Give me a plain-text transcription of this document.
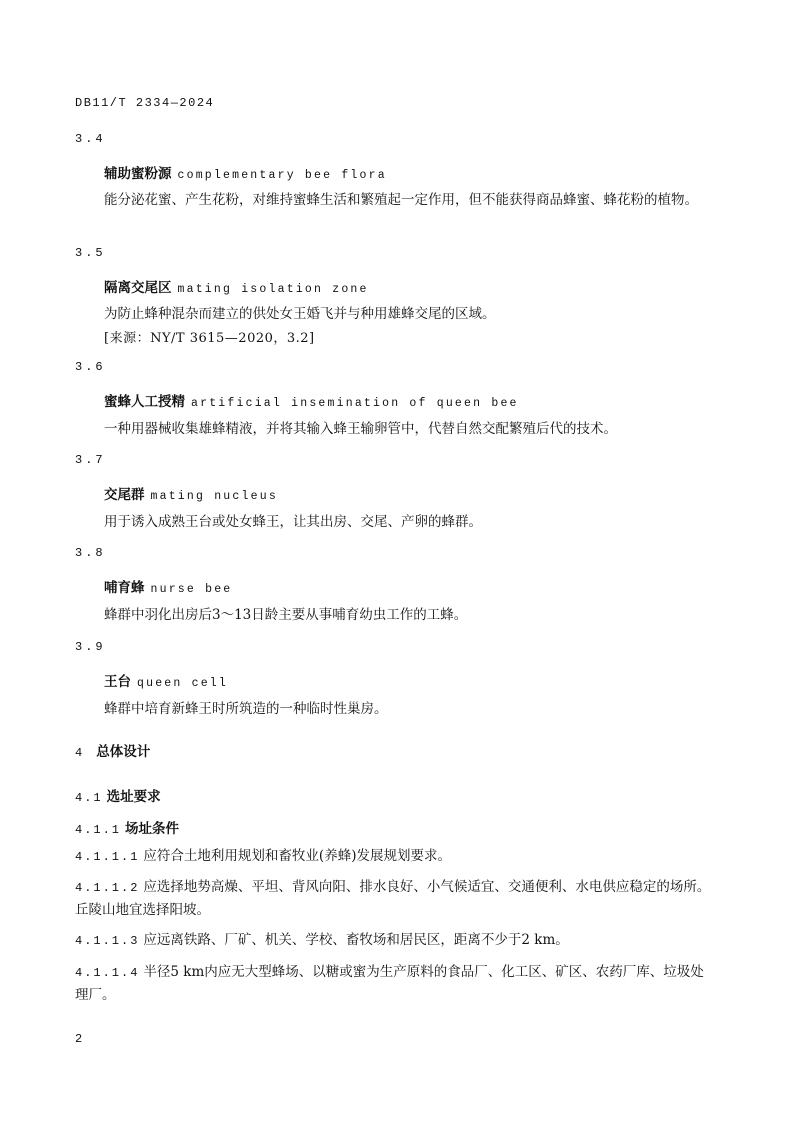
DB11/T 2334—2024
3.4
辅助蜜粉源 complementary bee flora
能分泌花蜜、产生花粉，对维持蜜蜂生活和繁殖起一定作用，但不能获得商品蜂蜜、蜂花粉的植物。
3.5
隔离交尾区 mating isolation zone
为防止蜂种混杂而建立的供处女王婚飞并与种用雄蜂交尾的区域。
[来源：NY/T 3615—2020，3.2]
3.6
蜜蜂人工授精 artificial insemination of queen bee
一种用器械收集雄蜂精液，并将其输入蜂王输卵管中，代替自然交配繁殖后代的技术。
3.7
交尾群 mating nucleus
用于诱入成熟王台或处女蜂王，让其出房、交尾、产卵的蜂群。
3.8
哺育蜂 nurse bee
蜂群中羽化出房后3～13日龄主要从事哺育幼虫工作的工蜂。
3.9
王台 queen cell
蜂群中培育新蜂王时所筑造的一种临时性巢房。
4 总体设计
4.1 选址要求
4.1.1 场址条件
4.1.1.1 应符合土地利用规划和畜牧业(养蜂)发展规划要求。
4.1.1.2 应选择地势高燥、平坦、背风向阳、排水良好、小气候适宜、交通便利、水电供应稳定的场所。丘陵山地宜选择阳坡。
4.1.1.3 应远离铁路、厂矿、机关、学校、畜牧场和居民区，距离不少于2 km。
4.1.1.4 半径5 km内应无大型蜂场、以糖或蜜为生产原料的食品厂、化工区、矿区、农药厂库、垃圾处理厂。
2
